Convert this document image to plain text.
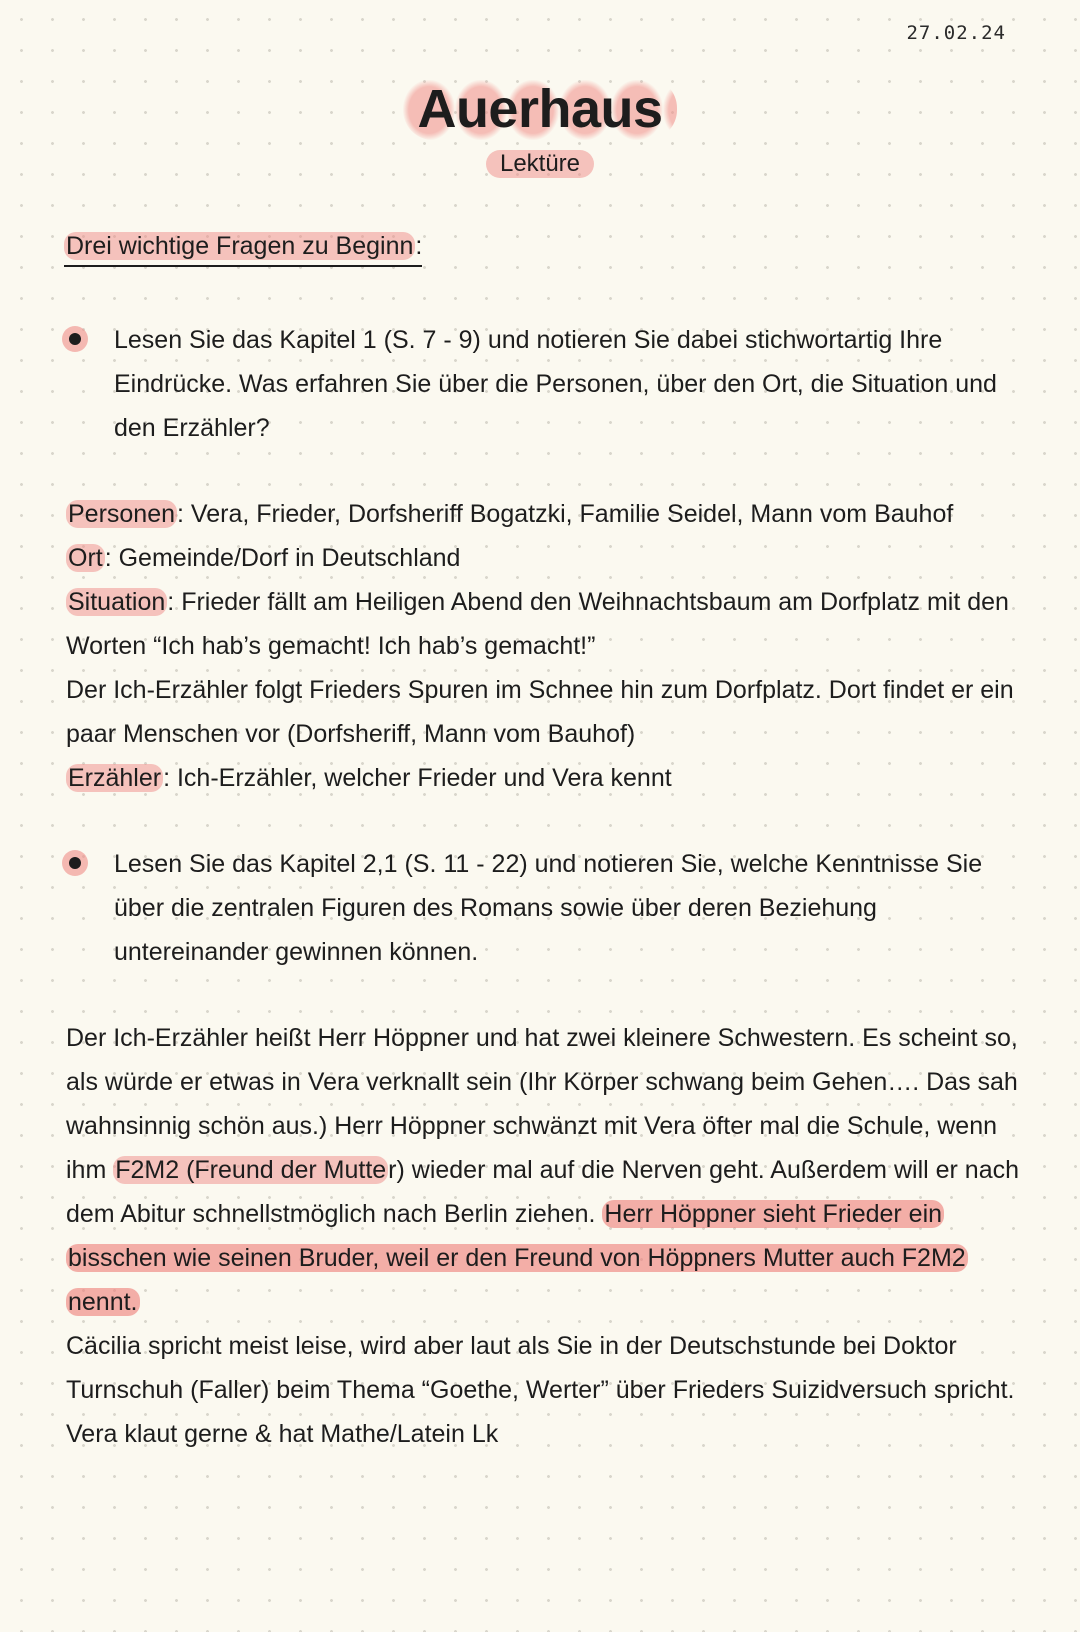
27.02.24
Auerhaus
Lektüre
Drei wichtige Fragen zu Beginn:
Lesen Sie das Kapitel 1 (S. 7 - 9) und notieren Sie dabei stichwortartig Ihre Eindrücke. Was erfahren Sie über die Personen, über den Ort, die Situation und den Erzähler?

Personen: Vera, Frieder, Dorfsheriff Bogatzki, Familie Seidel, Mann vom Bauhof

Ort: Gemeinde/Dorf in Deutschland

Situation: Frieder fällt am Heiligen Abend den Weihnachtsbaum am Dorfplatz mit den Worten “Ich hab’s gemacht! Ich hab’s gemacht!”

Der Ich-Erzähler folgt Frieders Spuren im Schnee hin zum Dorfplatz. Dort findet er ein paar Menschen vor (Dorfsheriff, Mann vom Bauhof)

Erzähler: Ich-Erzähler, welcher Frieder und Vera kennt

Lesen Sie das Kapitel 2,1 (S. 11 - 22) und notieren Sie, welche Kenntnisse Sie über die zentralen Figuren des Romans sowie über deren Beziehung untereinander gewinnen können.

Der Ich-Erzähler heißt Herr Höppner und hat zwei kleinere Schwestern. Es scheint so, als würde er etwas in Vera verknallt sein (Ihr Körper schwang beim Gehen…. Das sah wahnsinnig schön aus.) Herr Höppner schwänzt mit Vera öfter mal die Schule, wenn ihm F2M2 (Freund der Mutter) wieder mal auf die Nerven geht. Außerdem will er nach dem Abitur schnellstmöglich nach Berlin ziehen. Herr Höppner sieht Frieder ein bisschen wie seinen Bruder, weil er den Freund von Höppners Mutter auch F2M2 nennt.

Cäcilia spricht meist leise, wird aber laut als Sie in der Deutschstunde bei Doktor Turnschuh (Faller) beim Thema “Goethe, Werter” über Frieders Suizidversuch spricht. Vera klaut gerne & hat Mathe/Latein Lk
